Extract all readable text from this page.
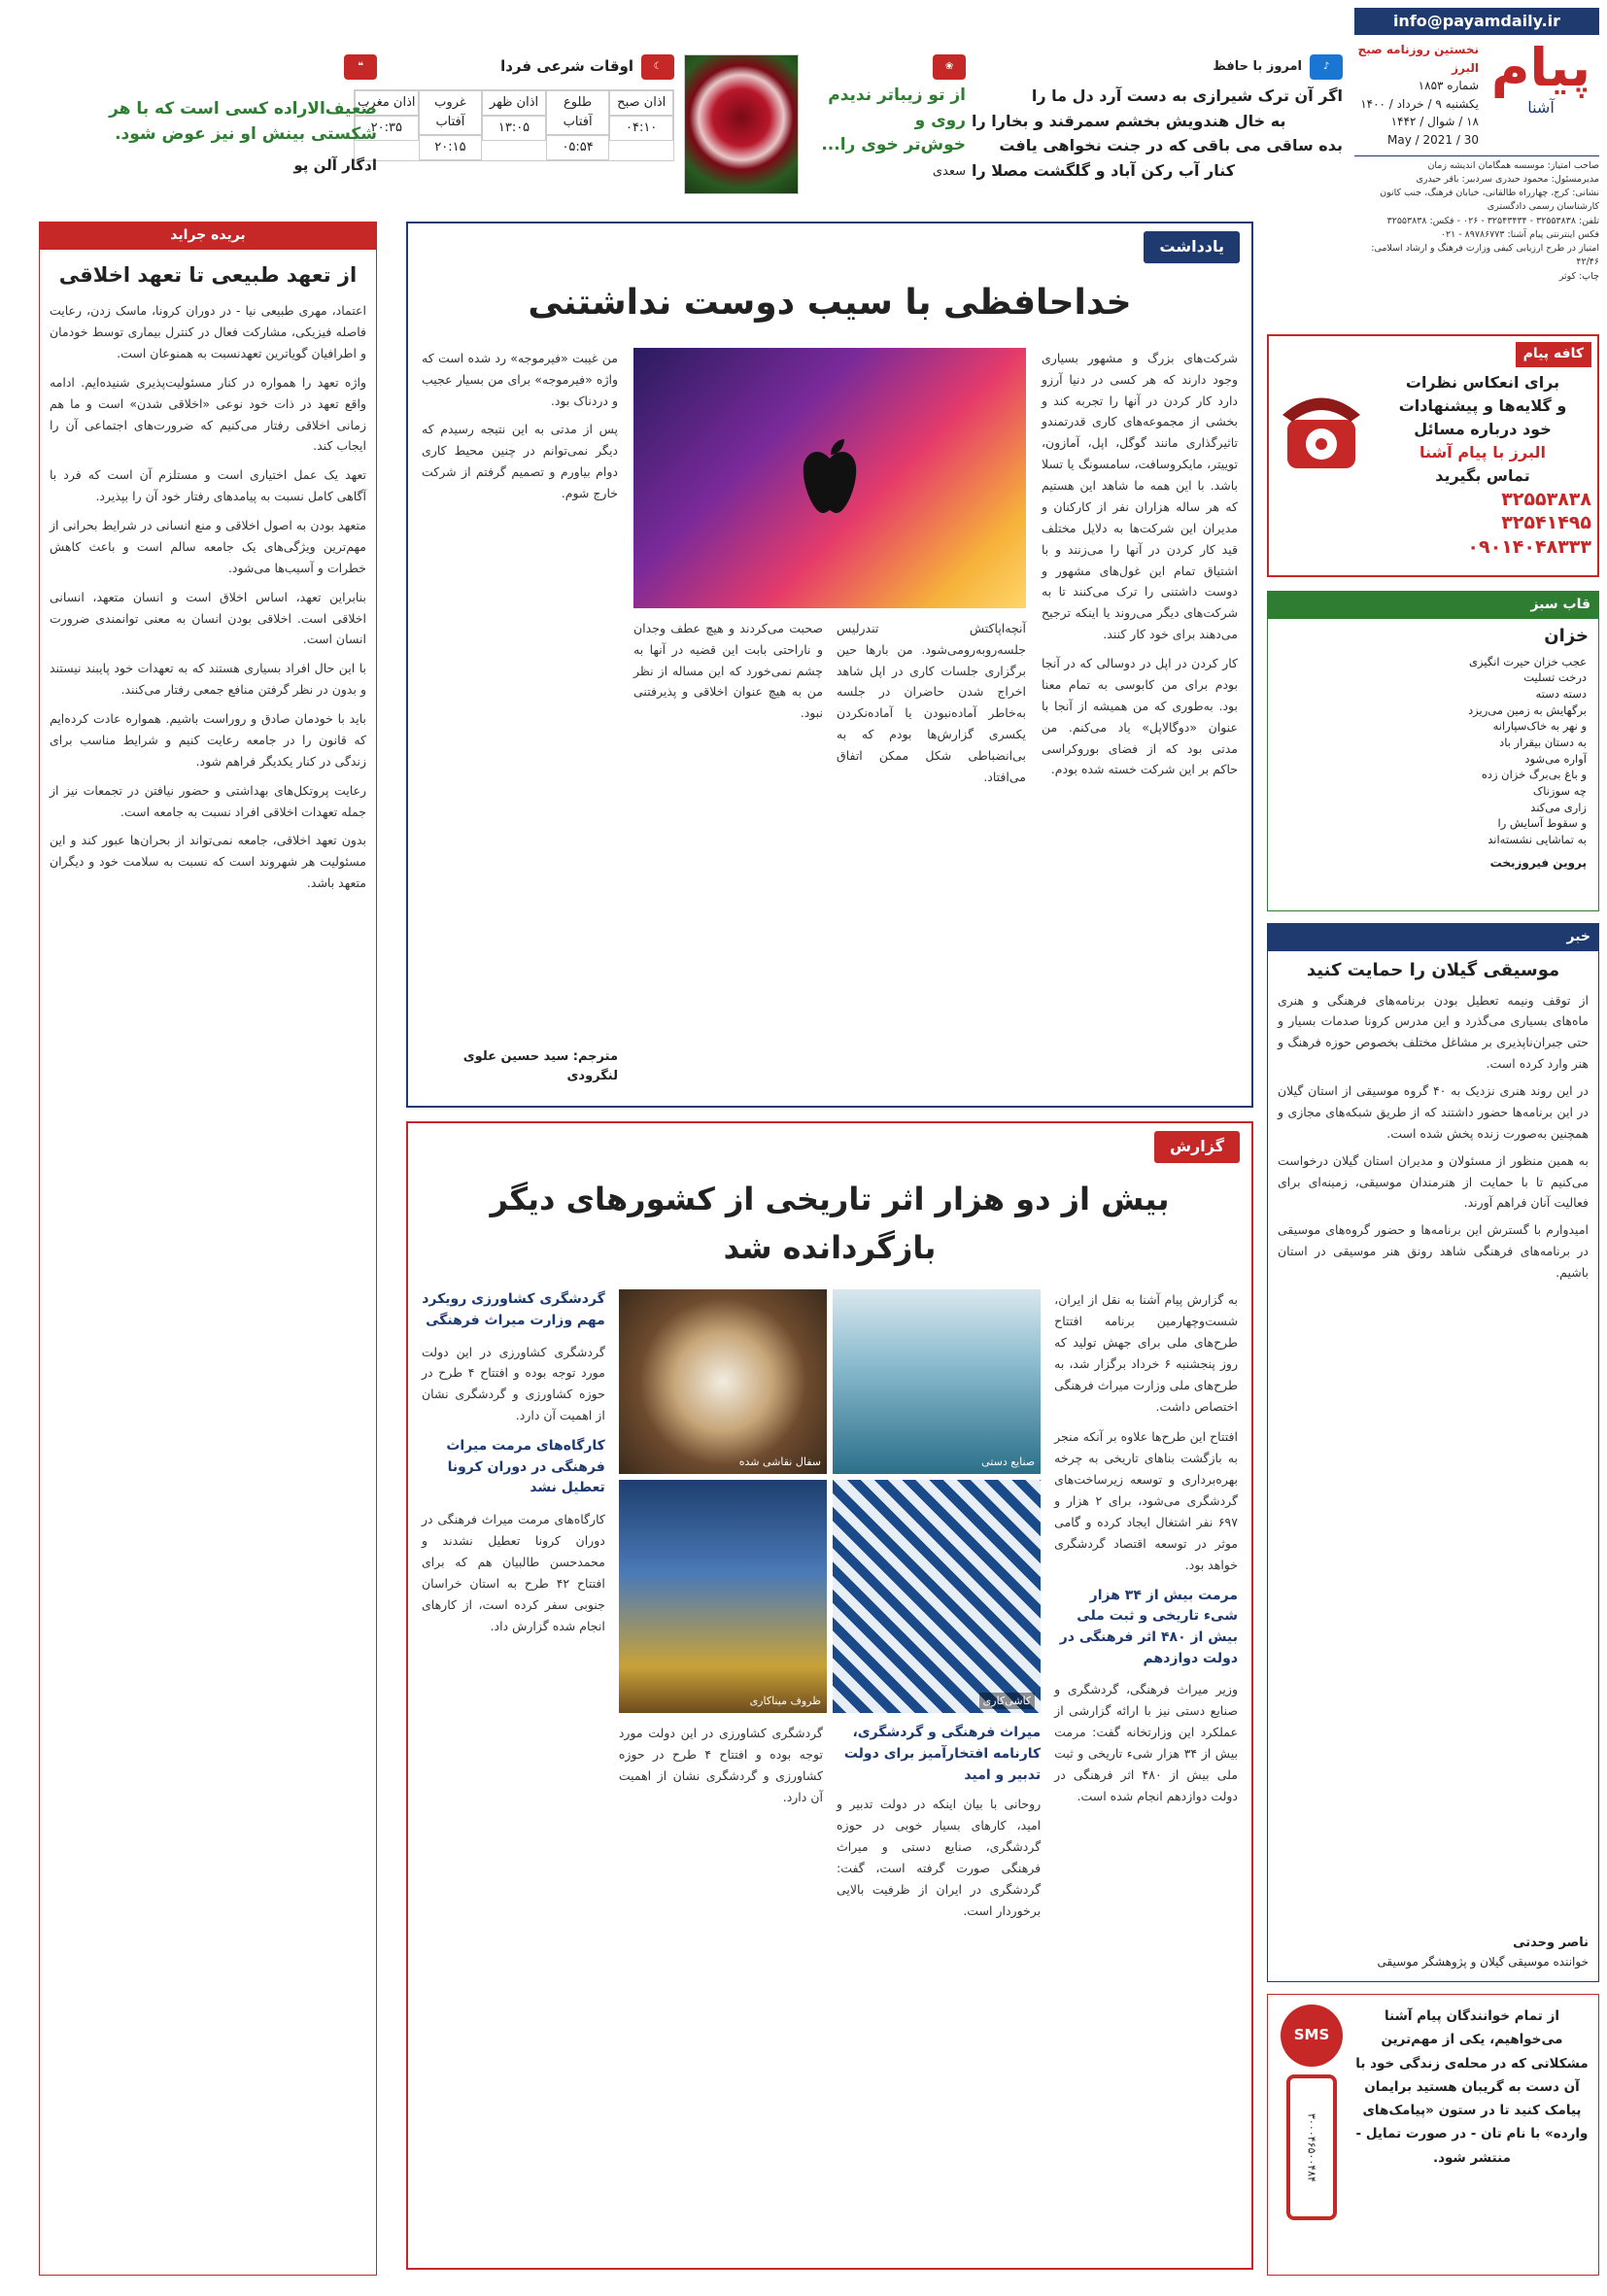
info@payamdaily.ir
پیام
آشنا
نخستین روزنامه صبح البرز
شماره ۱۸۵۳
یکشنبه ۹ / خرداد / ۱۴۰۰
۱۸ / شوال / ۱۴۴۲
30 / May / 2021
صاحب امتیاز: موسسه همگامان اندیشه زمان
مدیرمسئول: محمود حیدری سردبیر: باقر حیدری
نشانی: کرج، چهارراه طالقانی، خیابان فرهنگ، جنب کانون کارشناسان رسمی دادگستری
تلفن: ۳۲۵۵۳۸۳۸ - ۳۲۵۴۳۴۳۴ - ۰۲۶ - فکس: ۳۲۵۵۳۸۳۸
فکس اینترنتی پیام آشنا: ۸۹۷۸۶۷۷۳ - ۰۲۱
امتیاز در طرح ارزیابی کیفی وزارت فرهنگ و ارشاد اسلامی: ۴۲/۴۶
چاپ: کوثر
♪
امروز با حافظ
اگر آن ترک شیرازی به دست آرد دل ما را
به خال هندویش بخشم سمرقند و بخارا را
بده ساقی می باقی که در جنت نخواهی یافت
کنار آب رکن آباد و گلگشت مصلا را
❀
از تو زیباتر ندیدم
روی و
خوش‌تر خوی را...
سعدی
☾
اوقات شرعی فردا
اذان صبح
۰۴:۱۰
طلوع آفتاب
۰۵:۵۴
اذان ظهر
۱۳:۰۵
غروب آفتاب
۲۰:۱۵
اذان مغرب
۲۰:۳۵
❝
ضعیف‌الاراده کسی است که با هر شکستی بینش او نیز عوض شود.
ادگار آلن پو
یادداشت
خداحافظی با سیب دوست نداشتنی

شرکت‌های بزرگ و مشهور بسیاری وجود دارند که هر کسی در دنیا آرزو دارد کار کردن در آنها را تجربه کند و بخشی از مجموعه‌های کاری قدرتمندو تاثیرگذاری مانند گوگل، اپل، آمازون، توییتر، مایکروسافت، سامسونگ یا تسلا باشد. با این همه ما شاهد این هستیم که هر ساله هزاران نفر از کارکنان و مدیران این شرکت‌ها به دلایل مختلف قید کار کردن در آنها را می‌زنند و با اشتیاق تمام این غول‌های مشهور و دوست داشتنی را ترک می‌کنند تا به شرکت‌های دیگر می‌روند یا اینکه ترجیح می‌دهند برای خود کار کنند.

کار کردن در اپل در دوسالی که در آنجا بودم برای من کابوسی به تمام معنا بود. به‌طوری که من همیشه از آنجا با عنوان «دوگالاپل» یاد می‌کنم. من مدتی بود که از فضای بوروکراسی حاکم بر این شرکت خسته شده بودم.

آنچه‌اپاکتش تندرلیس جلسه‌روبه‌رومی‌شود. من بارها حین برگزاری جلسات کاری در اپل شاهد اخراج شدن حاضران در جلسه به‌خاطر آماده‌نبودن یا آماده‌نکردن یکسری گزارش‌ها بودم که به بی‌انضباطی شکل ممکن اتفاق می‌افتاد.

صحبت می‌کردند و هیچ عطف وجدان و ناراحتی بابت این قضیه در آنها به چشم نمی‌خورد که این مساله از نظر من به هیچ عنوان اخلاقی و پذیرفتنی نبود.

من غیبت «فیرموجه» رد شده است که واژه «فیرموجه» برای من بسیار عجیب و دردناک بود.

پس از مدتی به این نتیجه رسیدم که دیگر نمی‌توانم در چنین محیط کاری دوام بیاورم و تصمیم گرفتم از شرکت خارج شوم.

مترجم: سید حسین علوی لنگرودی
گزارش
بیش از دو هزار اثر تاریخی از کشورهای دیگر بازگردانده شد

به گزارش پیام آشنا به نقل از ایران، شست‌وچهارمین برنامه افتتاح طرح‌های ملی برای جهش تولید که روز پنجشنبه ۶ خرداد برگزار شد، به طرح‌های ملی وزارت میراث فرهنگی اختصاص داشت.

افتتاح این طرح‌ها علاوه بر آنکه منجر به بازگشت بناهای تاریخی به چرخه بهره‌برداری و توسعه زیرساخت‌های گردشگری می‌شود، برای ۲ هزار و ۶۹۷ نفر اشتغال ایجاد کرده و گامی موثر در توسعه اقتصاد گردشگری خواهد بود.

مرمت بیش از ۳۴ هزار شیء تاریخی و ثبت ملی بیش از ۴۸۰ اثر فرهنگی در دولت دوازدهم

وزیر میراث فرهنگی، گردشگری و صنایع دستی نیز با ارائه گزارشی از عملکرد این وزارتخانه گفت: مرمت بیش از ۳۴ هزار شیء تاریخی و ثبت ملی بیش از ۴۸۰ اثر فرهنگی در دولت دوازدهم انجام شده است.

صنایع دستی
سفال نقاشی شده
کاشی‌کاری
ظروف میناکاری
میراث فرهنگی و گردشگری، کارنامه افتخارآمیز برای دولت تدبیر و امید

روحانی با بیان اینکه در دولت تدبیر و امید، کارهای بسیار خوبی در حوزه گردشگری، صنایع دستی و میراث فرهنگی صورت گرفته است، گفت: گردشگری در ایران از ظرفیت بالایی برخوردار است.

گردشگری کشاورزی در این دولت مورد توجه بوده و افتتاح ۴ طرح در حوزه کشاورزی و گردشگری نشان از اهمیت آن دارد.

گردشگری کشاورزی رویکرد مهم وزارت میراث فرهنگی

گردشگری کشاورزی در این دولت مورد توجه بوده و افتتاح ۴ طرح در حوزه کشاورزی و گردشگری نشان از اهمیت آن دارد.

کارگاه‌های مرمت میراث فرهنگی در دوران کرونا تعطیل نشد

کارگاه‌های مرمت میراث فرهنگی در دوران کرونا تعطیل نشدند و محمدحسن طالبیان هم که برای افتتاح ۴۲ طرح به استان خراسان جنوبی سفر کرده است، از کارهای انجام شده گزارش داد.

کافه پیام
برای انعکاس نظرات
و گلایه‌ها و پیشنهادات
خود درباره مسائل
البرز با پیام آشنا
تماس بگیرید
۳۲۵۵۳۸۳۸
۳۲۵۴۱۴۹۵
۰۹۰۱۴۰۴۸۳۳۳
قاب سبز
خزان
عجب خزان حیرت انگیزی
درخت تسلیت
دسته دسته
برگهایش به زمین می‌ریزد
و نهر به خاک‌سپارانه
به دستان بیقرار باد
آواره می‌شود
و باغ بی‌برگ خزان زده
چه سوزناک
زاری می‌کند
و سقوط آسایش را
به تماشایی نشسته‌اند
پروین فیروزبخت
خبر
موسیقی گیلان را حمایت کنید

از توقف ونیمه تعطیل بودن برنامه‌های فرهنگی و هنری ماه‌های بسیاری می‌گذرد و این مدرس کرونا صدمات بسیار و حتی جبران‌ناپذیری بر مشاغل مختلف بخصوص حوزه فرهنگ و هنر وارد کرده است.

در این روند هنری نزدیک به ۴۰ گروه موسیقی از استان گیلان در این برنامه‌ها حضور داشتند که از طریق شبکه‌های مجازی و همچنین به‌صورت زنده پخش شده است.

به همین منظور از مسئولان و مدیران استان گیلان درخواست می‌کنیم تا با حمایت از هنرمندان موسیقی، زمینه‌ای برای فعالیت آنان فراهم آورند.

امیدوارم با گسترش این برنامه‌ها و حضور گروه‌های موسیقی در برنامه‌های فرهنگی شاهد رونق هنر موسیقی در استان باشیم.

ناصر وحدتی
خواننده موسیقی گیلان و پژوهشگر موسیقی
از تمام خوانندگان پیام آشنا می‌خواهیم، یکی از مهم‌ترین مشکلاتی که در محله‌ی زندگی خود با آن دست به گریبان هستید برایمان پیامک کنید تا در ستون «پیامک‌های وارده» با نام تان - در صورت تمایل - منتشر شود.
SMS
۳۰۰۰۴۶۵۰۰۴۸۴
بریده جراید
از تعهد طبیعی تا تعهد اخلاقی

اعتماد، مهری طبیعی نیا - در دوران کرونا، ماسک زدن، رعایت فاصله فیزیکی، مشارکت فعال در کنترل بیماری توسط خودمان و اطرافیان گویاترین تعهدنسبت به همنوعان است.

واژه تعهد را همواره در کنار مسئولیت‌پذیری شنیده‌ایم. ادامه واقع تعهد در ذات خود نوعی «اخلاقی شدن» است و ما هم زمانی اخلاقی رفتار می‌کنیم که ضرورت‌های اجتماعی آن را ایجاب کند.

تعهد یک عمل اختیاری است و مستلزم آن است که فرد با آگاهی کامل نسبت به پیامدهای رفتار خود آن را بپذیرد.

متعهد بودن به اصول اخلاقی و منع انسانی در شرایط بحرانی از مهم‌ترین ویژگی‌های یک جامعه سالم است و باعث کاهش خطرات و آسیب‌ها می‌شود.

بنابراین تعهد، اساس اخلاق است و انسان متعهد، انسانی اخلاقی است. اخلاقی بودن انسان به معنی توانمندی ضرورت انسان است.

با این حال افراد بسیاری هستند که به تعهدات خود پایبند نیستند و بدون در نظر گرفتن منافع جمعی رفتار می‌کنند.

باید با خودمان صادق و روراست باشیم. همواره عادت کرده‌ایم که قانون را در جامعه رعایت کنیم و شرایط مناسب برای زندگی در کنار یکدیگر فراهم شود.

رعایت پروتکل‌های بهداشتی و حضور نیافتن در تجمعات نیز از جمله تعهدات اخلاقی افراد نسبت به جامعه است.

بدون تعهد اخلاقی، جامعه نمی‌تواند از بحران‌ها عبور کند و این مسئولیت هر شهروند است که نسبت به سلامت خود و دیگران متعهد باشد.
